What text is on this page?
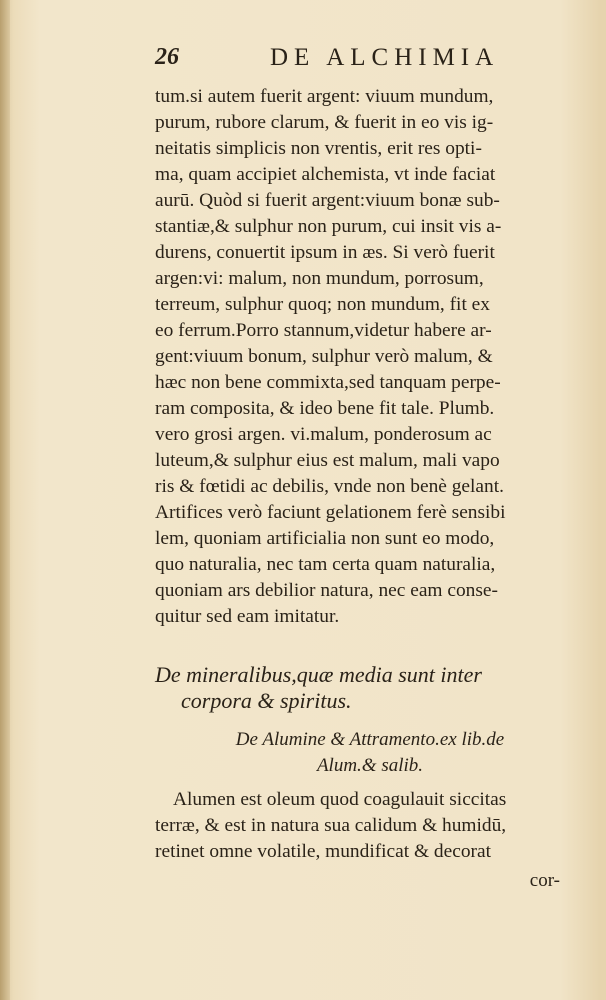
26	DE ALCHIMIA
tum.si autem fuerit argent: viuum mundum,
purum, rubore clarum, & fuerit in eo vis ig-
neitatis simplicis non vrentis, erit res opti-
ma, quam accipiet alchemista, vt inde faciat
aurū. Quòd si fuerit argent:viuum bonæ sub-
stantiæ,& sulphur non purum, cui insit vis a-
durens, conuertit ipsum in æs. Si verò fuerit
argen:vi: malum, non mundum, porrosum,
terreum, sulphur quoq; non mundum, fit ex
eo ferrum.Porro stannum,videtur habere ar-
gent:viuum bonum, sulphur verò malum, &
hæc non bene commixta,sed tanquam perpe-
ram composita, & ideo bene fit tale. Plumb.
vero grosi argen. vi.malum, ponderosum ac
luteum,& sulphur eius est malum, mali vapo
ris & fœtidi ac debilis, vnde non benè gelant.
Artifices verò faciunt gelationem ferè sensibi
lem, quoniam artificialia non sunt eo modo,
quo naturalia, nec tam certa quam naturalia,
quoniam ars debilior natura, nec eam conse-
quitur sed eam imitatur.
De mineralibus,quæ media sunt inter
corpora & spiritus.
De Alumine & Attramento.ex lib.de
Alum.& salib.
Alumen est oleum quod coagulauit siccitas
terræ, & est in natura sua calidum & humidū,
retinet omne volatile, mundificat & decorat
cor-
